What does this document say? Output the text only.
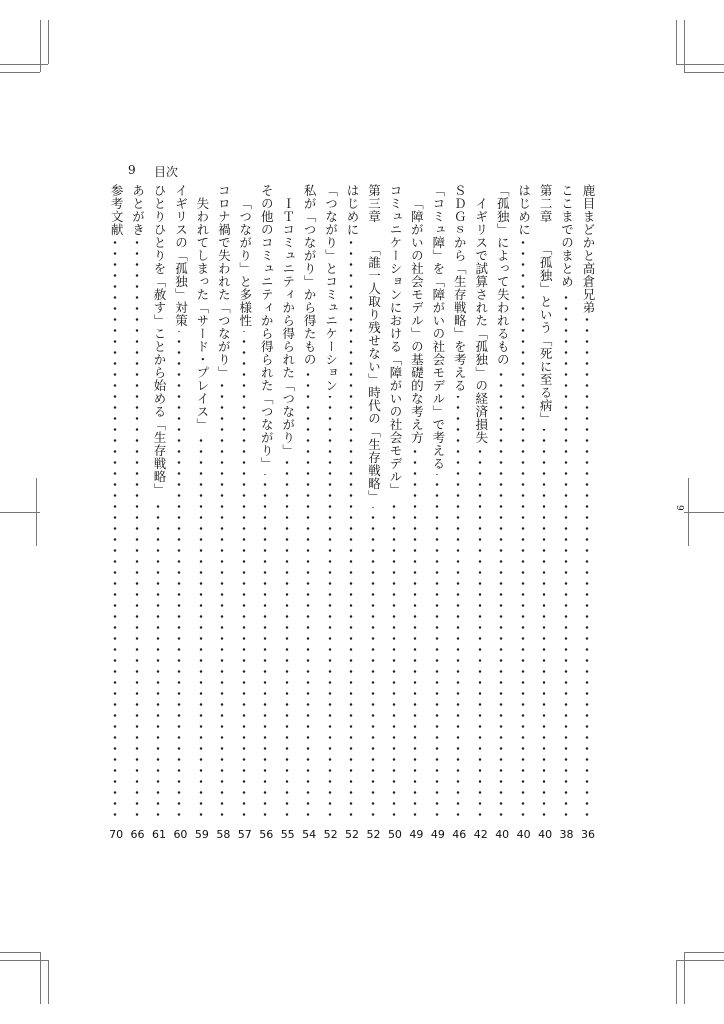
9 目次
9
鹿目まどかと高倉兄弟
36
ここまでのまとめ
38
第二章　　「孤独」という「死に至る病」
40
はじめに
40
「孤独」によって失われるもの
40
イギリスで試算された「孤独」の経済損失
42
ＳＤＧｓから「生存戦略」を考える
46
「コミュ障」を「障がいの社会モデル」で考える
49
「障がいの社会モデル」の基礎的な考え方
49
コミュニケーションにおける「障がいの社会モデル」
50
第三章　　「誰一人取り残せない」時代の「生存戦略」
52
はじめに
52
「つながり」とコミュニケーション
52
私が「つながり」から得たもの
54
ＩＴコミュニティから得られた「つながり」
55
その他のコミュニティから得られた「つながり」
56
「つながり」と多様性
57
コロナ禍で失われた「つながり」
58
失われてしまった「サード・プレイス」
59
イギリスの「孤独」対策
60
ひとりひとりを「赦す」ことから始める「生存戦略」
61
あとがき
66
参考文献
70
